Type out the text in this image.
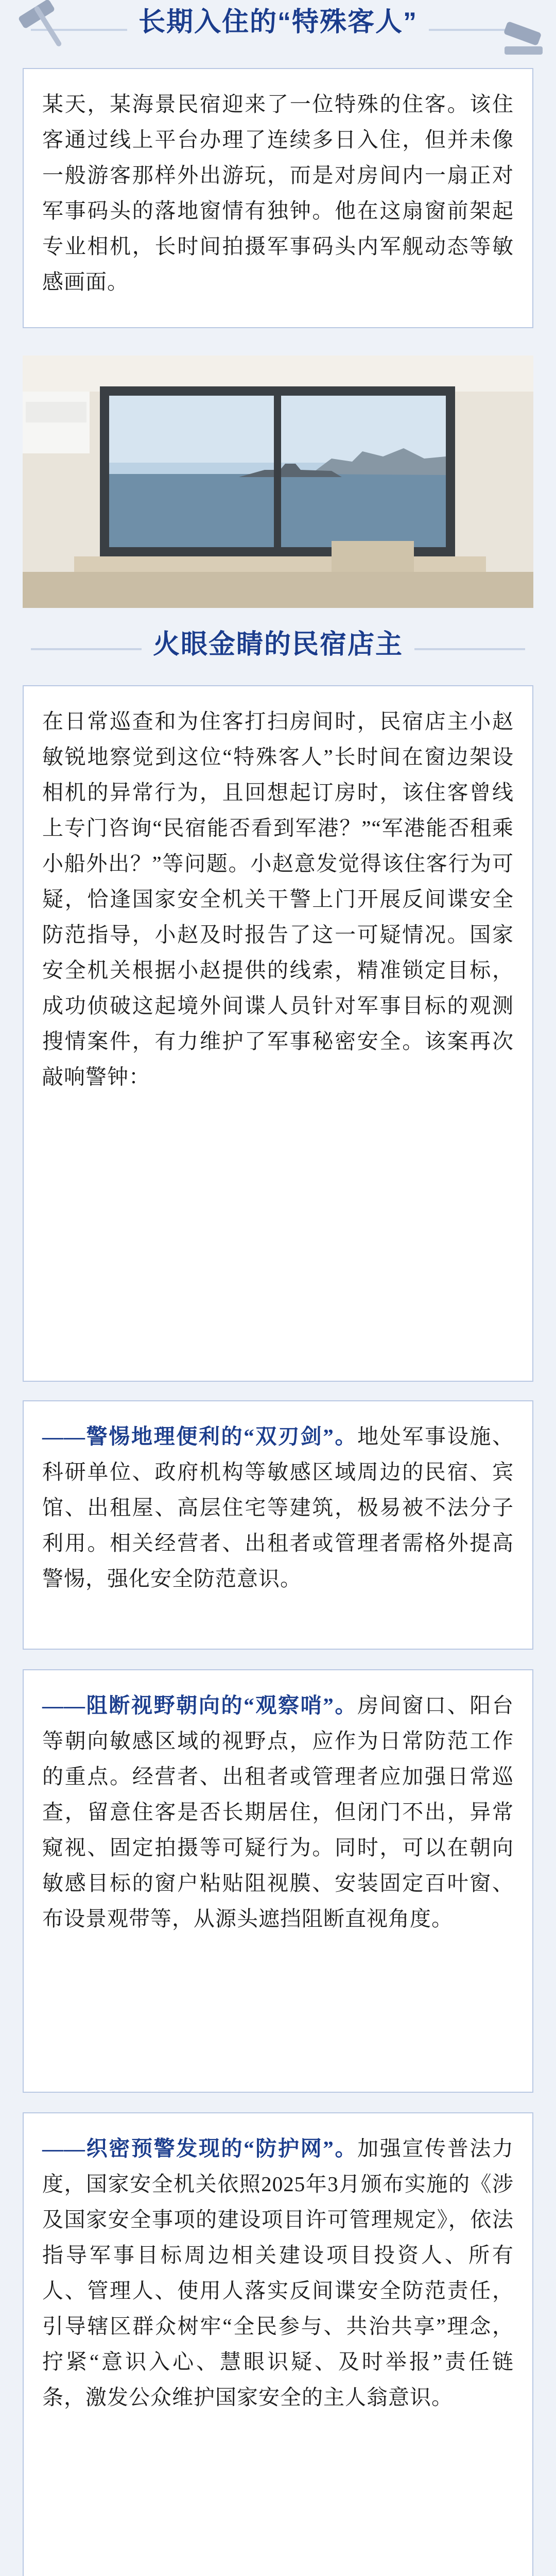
长期入住的“特殊客人”

某天，某海景民宿迎来了一位特殊的住客。该住客通过线上平台办理了连续多日入住，但并未像一般游客那样外出游玩，而是对房间内一扇正对军事码头的落地窗情有独钟。他在这扇窗前架起专业相机，长时间拍摄军事码头内军舰动态等敏感画面。

火眼金睛的民宿店主

在日常巡查和为住客打扫房间时，民宿店主小赵敏锐地察觉到这位“特殊客人”长时间在窗边架设相机的异常行为，且回想起订房时，该住客曾线上专门咨询“民宿能否看到军港？”“军港能否租乘小船外出？”等问题。小赵意发觉得该住客行为可疑，恰逢国家安全机关干警上门开展反间谍安全防范指导，小赵及时报告了这一可疑情况。国家安全机关根据小赵提供的线索，精准锁定目标，成功侦破这起境外间谍人员针对军事目标的观测搜情案件，有力维护了军事秘密安全。该案再次敲响警钟：

——警惕地理便利的“双刃剑”。地处军事设施、科研单位、政府机构等敏感区域周边的民宿、宾馆、出租屋、高层住宅等建筑，极易被不法分子利用。相关经营者、出租者或管理者需格外提高警惕，强化安全防范意识。

——阻断视野朝向的“观察哨”。房间窗口、阳台等朝向敏感区域的视野点，应作为日常防范工作的重点。经营者、出租者或管理者应加强日常巡查，留意住客是否长期居住，但闭门不出，异常窥视、固定拍摄等可疑行为。同时，可以在朝向敏感目标的窗户粘贴阻视膜、安装固定百叶窗、布设景观带等，从源头遮挡阻断直视角度。

——织密预警发现的“防护网”。加强宣传普法力度，国家安全机关依照2025年3月颁布实施的《涉及国家安全事项的建设项目许可管理规定》，依法指导军事目标周边相关建设项目投资人、所有人、管理人、使用人落实反间谍安全防范责任，引导辖区群众树牢“全民参与、共治共享”理念，拧紧“意识入心、慧眼识疑、及时举报”责任链条，激发公众维护国家安全的主人翁意识。
